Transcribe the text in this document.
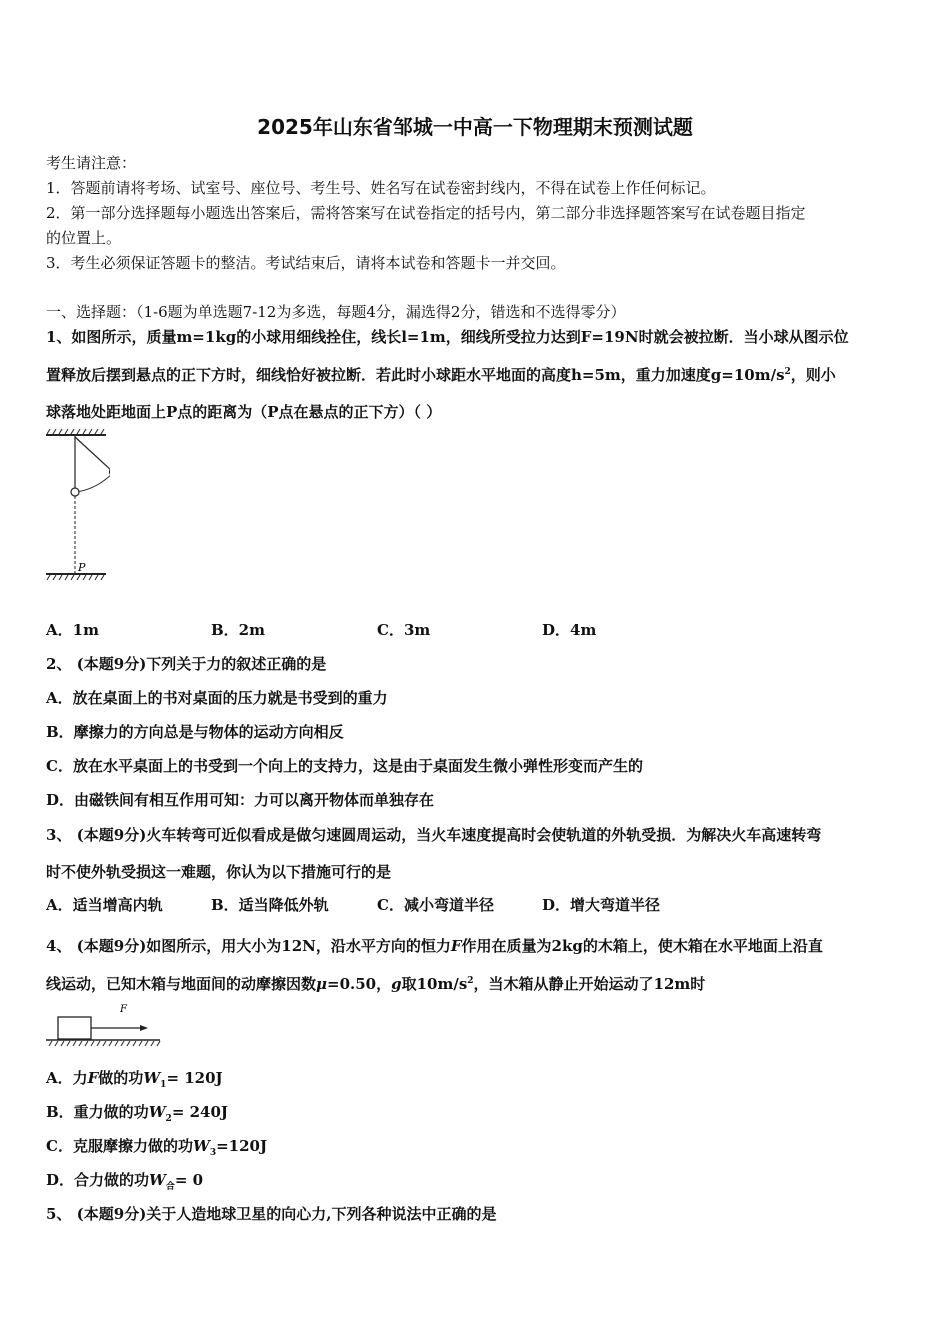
2025年山东省邹城一中高一下物理期末预测试题
考生请注意：
1．答题前请将考场、试室号、座位号、考生号、姓名写在试卷密封线内，不得在试卷上作任何标记。
2．第一部分选择题每小题选出答案后，需将答案写在试卷指定的括号内，第二部分非选择题答案写在试卷题目指定
的位置上。
3．考生必须保证答题卡的整洁。考试结束后，请将本试卷和答题卡一并交回。
一、选择题：（1-6题为单选题7-12为多选，每题4分，漏选得2分，错选和不选得零分）
1、如图所示，质量m=1kg的小球用细线拴住，线长l=1m，细线所受拉力达到F=19N时就会被拉断．当小球从图示位
置释放后摆到悬点的正下方时，细线恰好被拉断．若此时小球距水平地面的高度h=5m，重力加速度$g=10m/s^2$，则小
球落地处距地面上P点的距离为（P点在悬点的正下方）（ ）
P
A．1m	B．2m	C．3m	D．4m
2、 (本题9分)下列关于力的叙述正确的是
A．放在桌面上的书对桌面的压力就是书受到的重力
B．摩擦力的方向总是与物体的运动方向相反
C．放在水平桌面上的书受到一个向上的支持力，这是由于桌面发生微小弹性形变而产生的
D．由磁铁间有相互作用可知：力可以离开物体而单独存在
3、 (本题9分)火车转弯可近似看成是做匀速圆周运动，当火车速度提高时会使轨道的外轨受损．为解决火车高速转弯
时不使外轨受损这一难题，你认为以下措施可行的是
A．适当增高内轨	B．适当降低外轨	C．减小弯道半径	D．增大弯道半径
4、 (本题9分)如图所示，用大小为12N，沿水平方向的恒力F作用在质量为2kg的木箱上，使木箱在水平地面上沿直
线运动，已知木箱与地面间的动摩擦因数μ=0.50，g取$10m/s^2$，当木箱从静止开始运动了12m时
F
A．力F做的功$W_1= 120J$
B．重力做的功$W_2= 240J$
C．克服摩擦力做的功$W_3=120J$
D．合力做的功$W_合= 0$
5、 (本题9分)关于人造地球卫星的向心力,下列各种说法中正确的是
